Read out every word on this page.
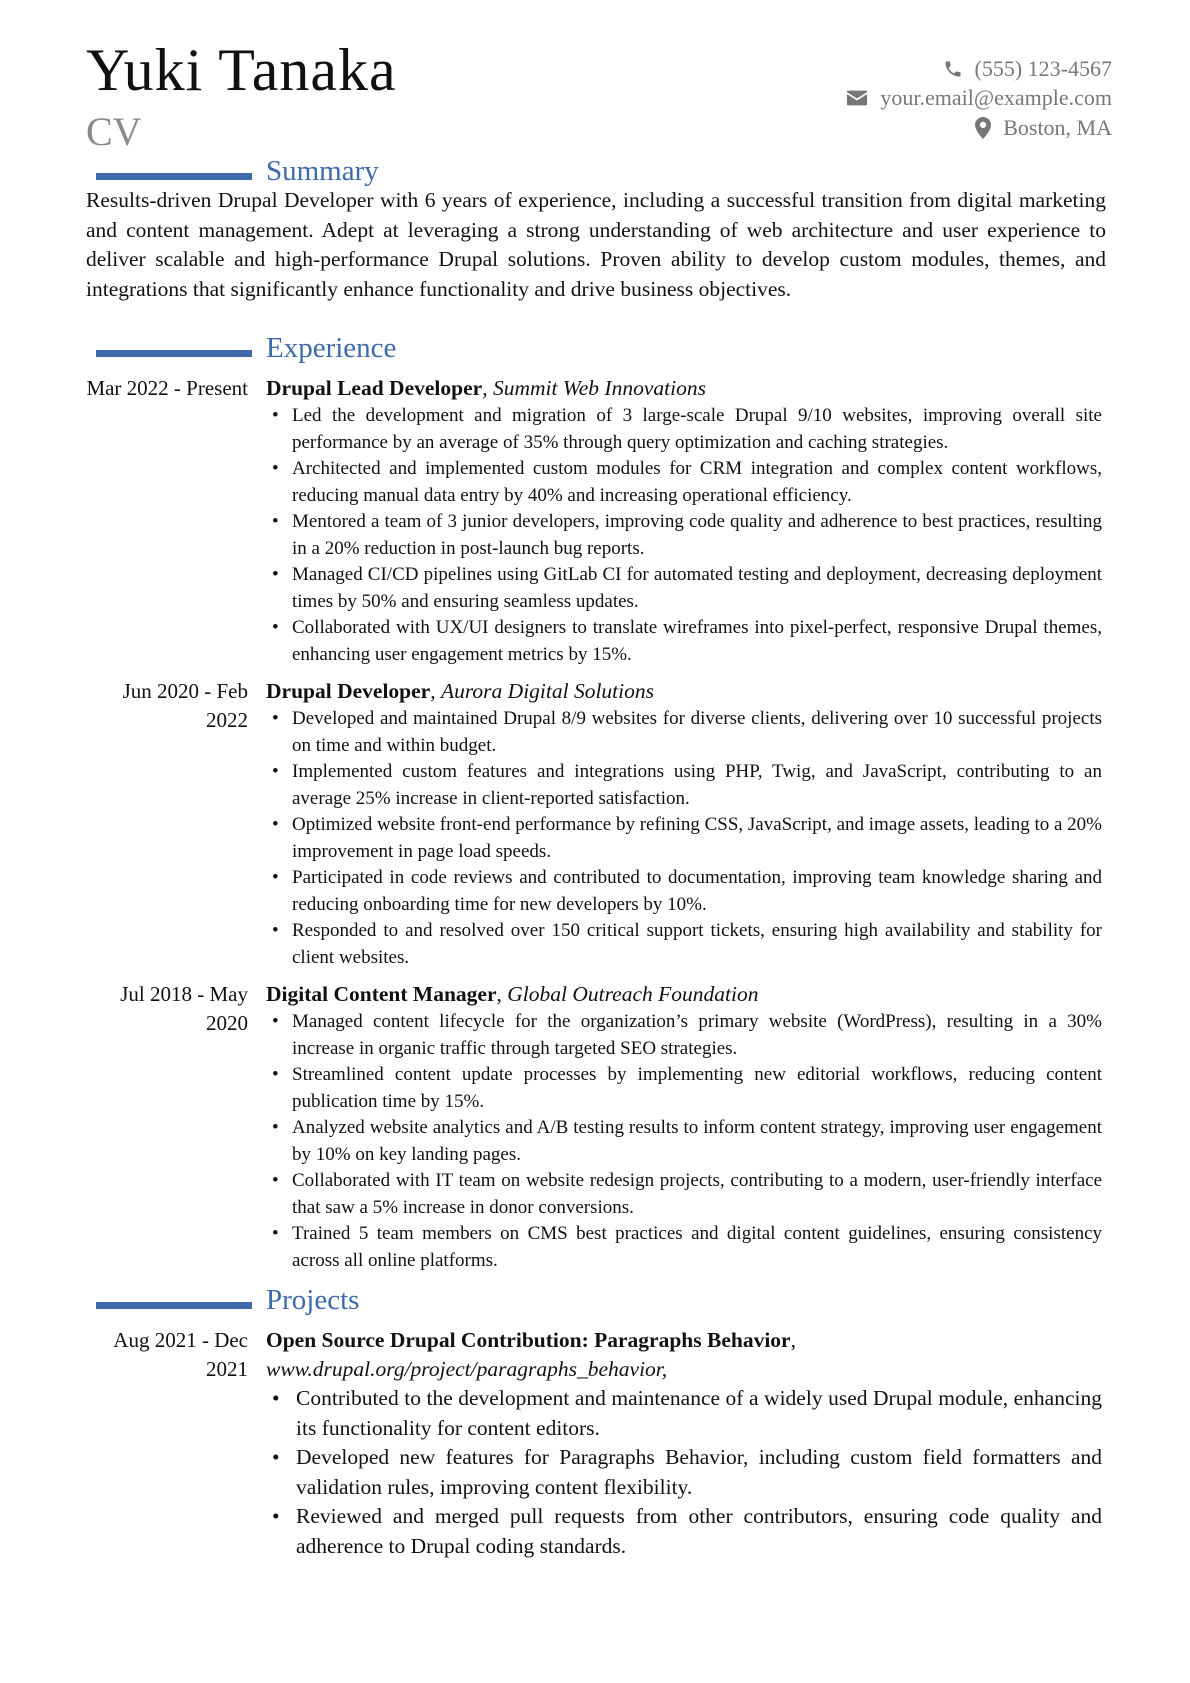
Yuki Tanaka
CV
(555) 123-4567
your.email@example.com
Boston, MA
Summary

Results-driven Drupal Developer with 6 years of experience, including a successful transition from digital marketing and content management. Adept at leveraging a strong understanding of web architecture and user experience to deliver scalable and high-performance Drupal solutions. Proven ability to develop custom modules, themes, and integrations that significantly enhance functionality and drive business objectives.

Experience
Mar 2022 - Present Drupal Lead Developer, Summit Web Innovations

• Led the development and migration of 3 large-scale Drupal 9/10 websites, improving overall site performance by an average of 35% through query optimization and caching strategies.
• Architected and implemented custom modules for CRM integration and complex content workflows, reducing manual data entry by 40% and increasing operational efficiency.
• Mentored a team of 3 junior developers, improving code quality and adherence to best practices, resulting in a 20% reduction in post-launch bug reports.
• Managed CI/CD pipelines using GitLab CI for automated testing and deployment, decreasing deployment times by 50% and ensuring seamless updates.
• Collaborated with UX/UI designers to translate wireframes into pixel-perfect, responsive Drupal themes, enhancing user engagement metrics by 15%.
Jun 2020 - Feb 2022

Drupal Developer, Aurora Digital Solutions

• Developed and maintained Drupal 8/9 websites for diverse clients, delivering over 10 successful projects on time and within budget.
• Implemented custom features and integrations using PHP, Twig, and JavaScript, contributing to an average 25% increase in client-reported satisfaction.
• Optimized website front-end performance by refining CSS, JavaScript, and image assets, leading to a 20% improvement in page load speeds.
• Participated in code reviews and contributed to documentation, improving team knowledge sharing and reducing onboarding time for new developers by 10%.
• Responded to and resolved over 150 critical support tickets, ensuring high availability and stability for client websites.
Jul 2018 - May 2020

Digital Content Manager, Global Outreach Foundation

• Managed content lifecycle for the organization’s primary website (WordPress), resulting in a 30% increase in organic traffic through targeted SEO strategies.
• Streamlined content update processes by implementing new editorial workflows, reducing content publication time by 15%.
• Analyzed website analytics and A/B testing results to inform content strategy, improving user engagement by 10% on key landing pages.
• Collaborated with IT team on website redesign projects, contributing to a modern, user-friendly interface that saw a 5% increase in donor conversions.
• Trained 5 team members on CMS best practices and digital content guidelines, ensuring consistency across all online platforms.
Projects
Aug 2021 - Dec 2021

Open Source Drupal Contribution: Paragraphs Behavior, www.drupal.org/project/paragraphs_behavior,

• Contributed to the development and maintenance of a widely used Drupal module, enhancing its functionality for content editors.
• Developed new features for Paragraphs Behavior, including custom field formatters and validation rules, improving content flexibility.
• Reviewed and merged pull requests from other contributors, ensuring code quality and adherence to Drupal coding standards.
